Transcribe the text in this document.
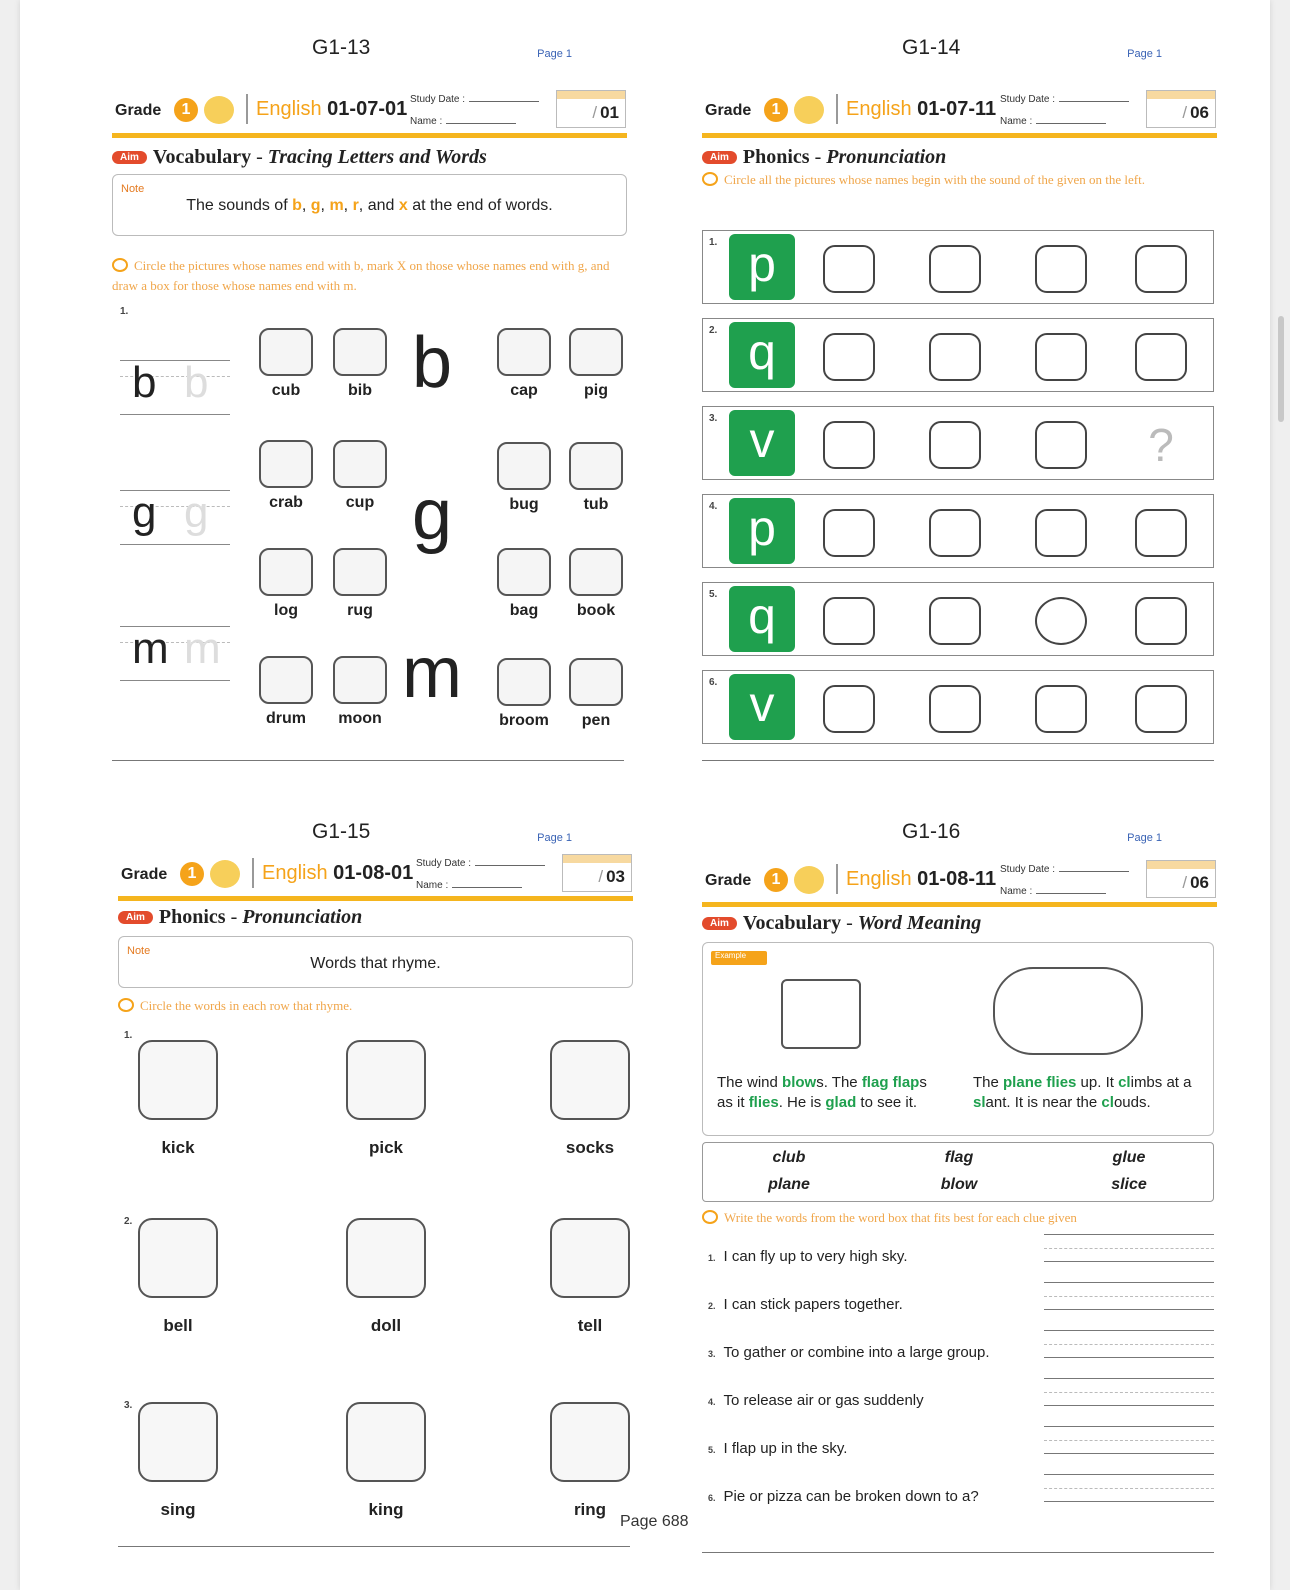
G1-13	Page 1
Grade	1	English 01-07-01 Study Date :
Name :	/ 01
Aim Vocabulary - Tracing Letters and Words
Note
The sounds of b, g, m, r, and x at the end of words.
Circle the pictures whose names end with b, mark X on those whose names end with g, and draw a box for those whose names end with m.
1.
b b
g g
m m
b
g
m
cub	bib	cap	pig
crab	cup	bug	tub
log	rug	bag	book
drum	moon	broom	pen
G1-14	Page 1
Grade	1	English 01-07-11 Study Date :
Name :	/ 06
Aim Phonics - Pronunciation
Circle all the pictures whose names begin with the sound of the given on the left.
1. p
2. q
3. v	?
4. p
5. q
6. v
G1-15	Page 1
Grade	1	English 01-08-01 Study Date :
Name :	/ 03
Aim Phonics - Pronunciation
Note
Words that rhyme.
Circle the words in each row that rhyme.
1.
kick	pick	socks
2.
bell	doll	tell
3.
sing	king	ring
G1-16	Page 1
Grade	1	English 01-08-11 Study Date :
Name :	/ 06
Aim Vocabulary - Word Meaning
Example
The wind blows. The flag flaps as it flies. He is glad to see it.
The plane flies up. It climbs at a slant. It is near the clouds.
club	flag	glue
plane	blow	slice
Write the words from the word box that fits best for each clue given
1. I can fly up to very high sky.
2. I can stick papers together.
3. To gather or combine into a large group.
4. To release air or gas suddenly
5. I flap up in the sky.
6. Pie or pizza can be broken down to a?
Page 688
